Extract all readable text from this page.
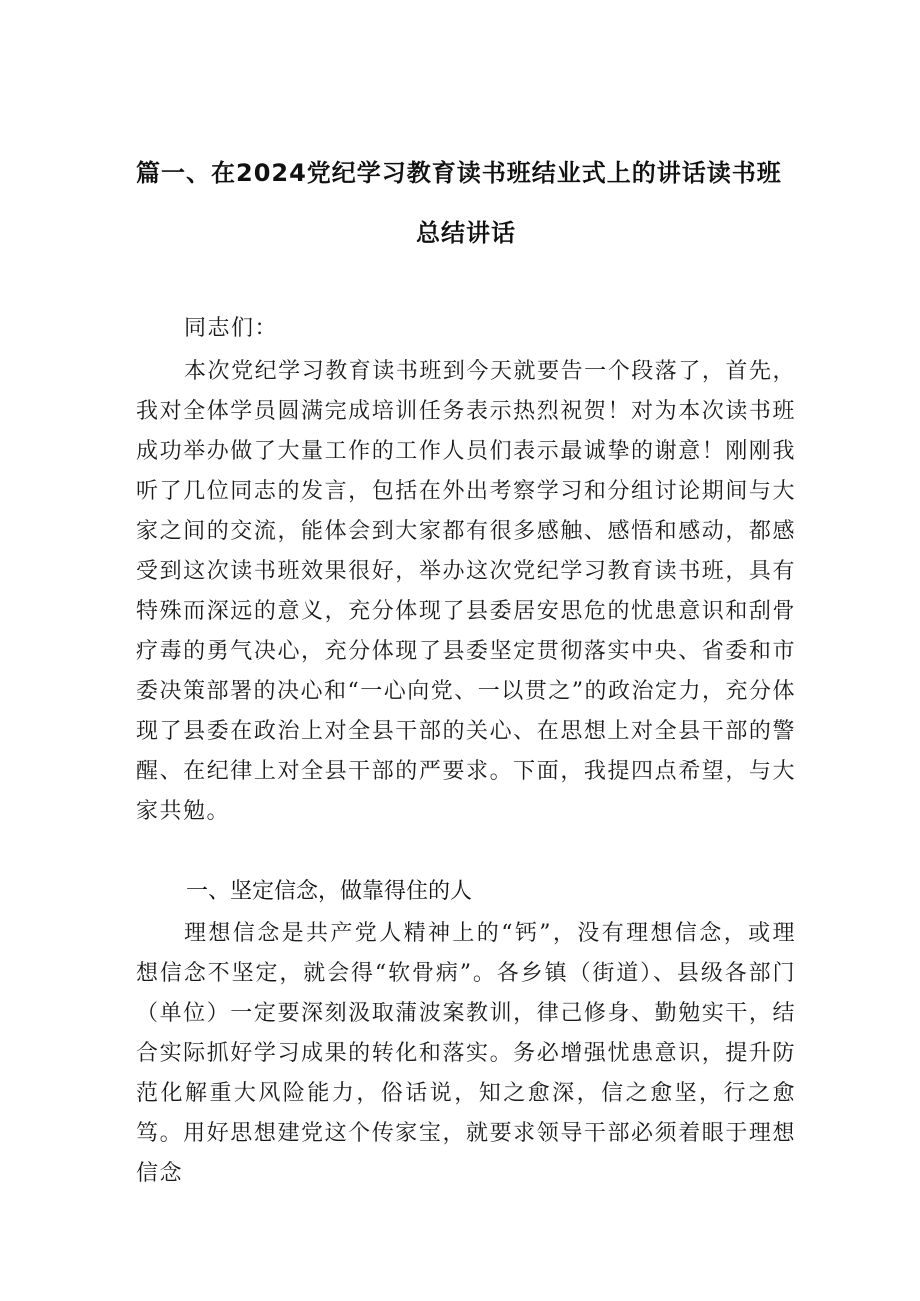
篇一、在2024党纪学习教育读书班结业式上的讲话读书班
总结讲话
同志们：
本次党纪学习教育读书班到今天就要告一个段落了，首先，我对全体学员圆满完成培训任务表示热烈祝贺！对为本次读书班成功举办做了大量工作的工作人员们表示最诚挚的谢意！刚刚我听了几位同志的发言，包括在外出考察学习和分组讨论期间与大家之间的交流，能体会到大家都有很多感触、感悟和感动，都感受到这次读书班效果很好，举办这次党纪学习教育读书班，具有特殊而深远的意义，充分体现了县委居安思危的忧患意识和刮骨疗毒的勇气决心，充分体现了县委坚定贯彻落实中央、省委和市委决策部署的决心和“一心向党、一以贯之”的政治定力，充分体现了县委在政治上对全县干部的关心、在思想上对全县干部的警醒、在纪律上对全县干部的严要求。下面，我提四点希望，与大家共勉。
一、坚定信念，做靠得住的人
理想信念是共产党人精神上的“钙”，没有理想信念，或理想信念不坚定，就会得“软骨病”。各乡镇（街道）、县级各部门（单位）一定要深刻汲取蒲波案教训，律己修身、勤勉实干，结合实际抓好学习成果的转化和落实。务必增强忧患意识，提升防范化解重大风险能力，俗话说，知之愈深，信之愈坚，行之愈笃。用好思想建党这个传家宝，就要求领导干部必须着眼于理想信念
